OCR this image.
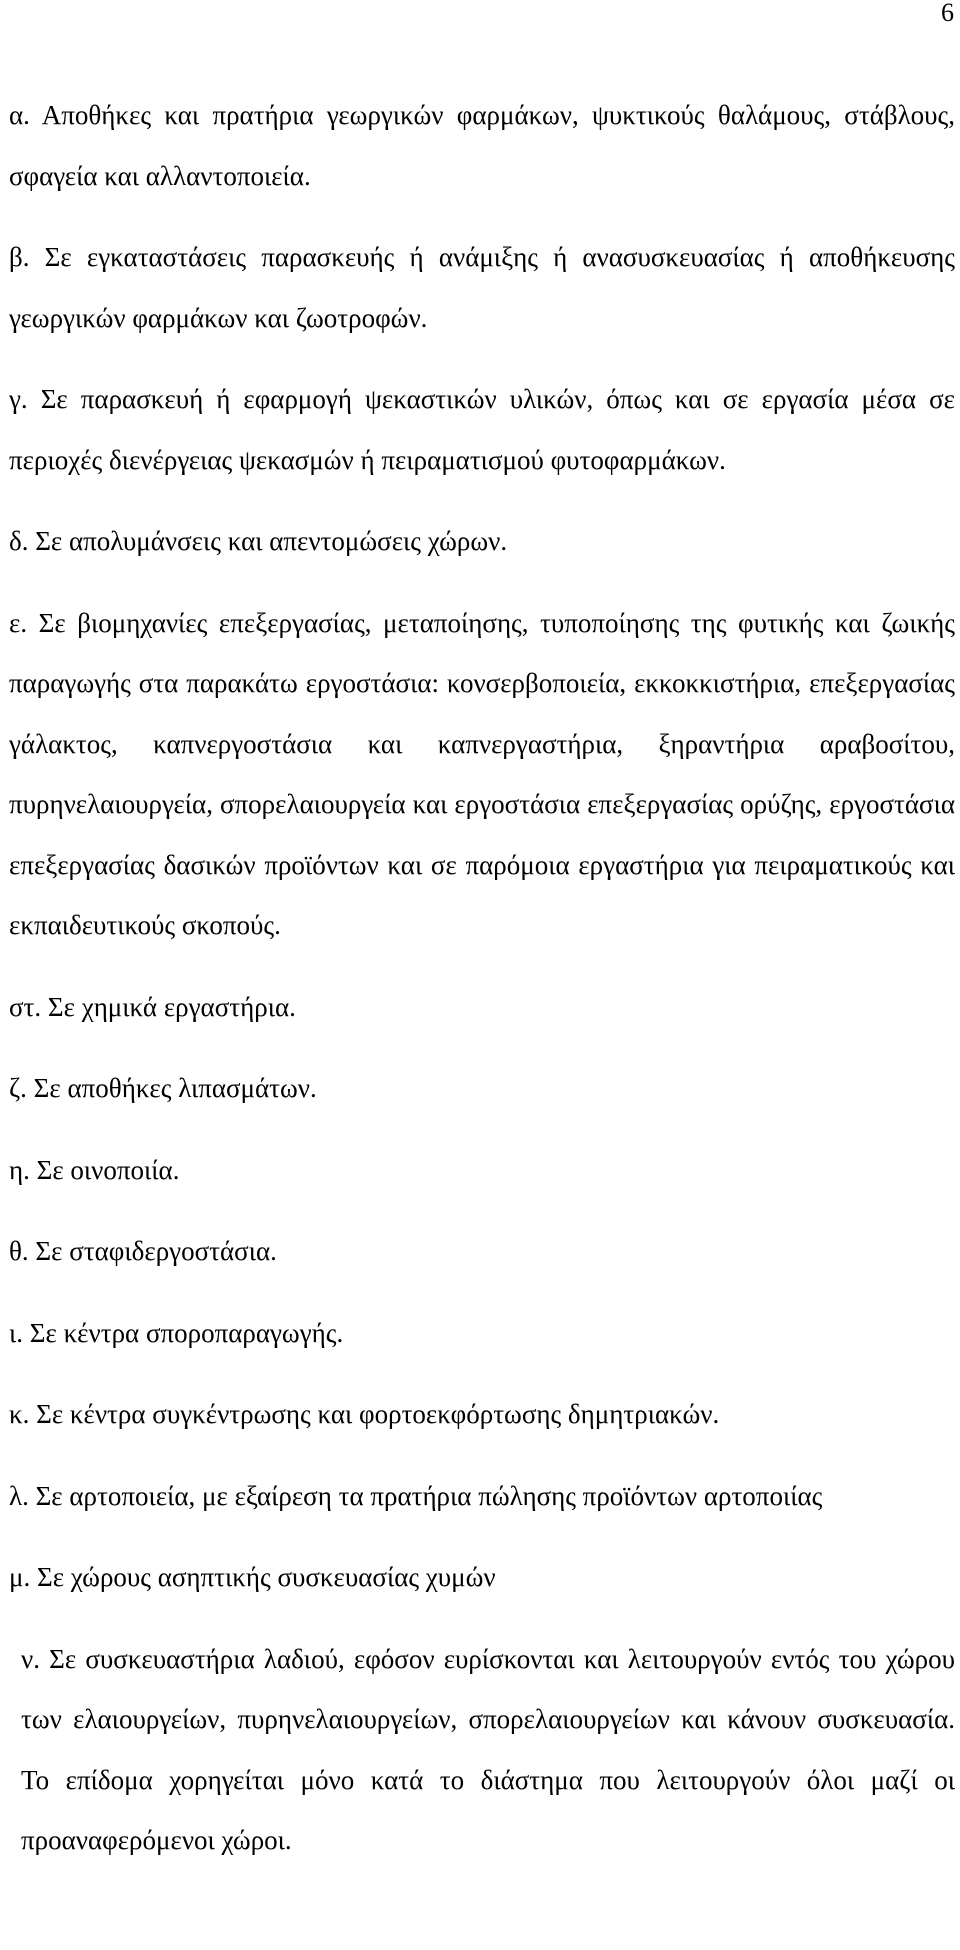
6

α. Αποθήκες και πρατήρια γεωργικών φαρμάκων, ψυκτικούς θαλάμους, στάβλους, σφαγεία και αλλαντοποιεία.

β. Σε εγκαταστάσεις παρασκευής ή ανάμιξης ή ανασυσκευασίας ή αποθήκευσης γεωργικών φαρμάκων και ζωοτροφών.

γ. Σε παρασκευή ή εφαρμογή ψεκαστικών υλικών, όπως και σε εργασία μέσα σε περιοχές διενέργειας ψεκασμών ή πειραματισμού φυτοφαρμάκων.

δ. Σε απολυμάνσεις και απεντομώσεις χώρων.

ε. Σε βιομηχανίες επεξεργασίας, μεταποίησης, τυποποίησης της φυτικής και ζωικής παραγωγής στα παρακάτω εργοστάσια: κονσερβοποιεία, εκκοκκιστήρια, επεξεργασίας γάλακτος, καπνεργοστάσια και καπνεργαστήρια, ξηραντήρια αραβοσίτου, πυρηνελαιουργεία, σπορελαιουργεία και εργοστάσια επεξεργασίας ορύζης, εργοστάσια επεξεργασίας δασικών προϊόντων και σε παρόμοια εργαστήρια για πειραματικούς και εκπαιδευτικούς σκοπούς.

στ. Σε χημικά εργαστήρια.

ζ. Σε αποθήκες λιπασμάτων.

η. Σε οινοποιία.

θ. Σε σταφιδεργοστάσια.

ι. Σε κέντρα σποροπαραγωγής.

κ. Σε κέντρα συγκέντρωσης και φορτοεκφόρτωσης δημητριακών.

λ. Σε αρτοποιεία, με εξαίρεση τα πρατήρια πώλησης προϊόντων αρτοποιίας

μ. Σε χώρους ασηπτικής συσκευασίας χυμών

ν. Σε συσκευαστήρια λαδιού, εφόσον ευρίσκονται και λειτουργούν εντός του χώρου των ελαιουργείων, πυρηνελαιουργείων, σπορελαιουργείων και κάνουν συσκευασία. Το επίδομα χορηγείται μόνο κατά το διάστημα που λειτουργούν όλοι μαζί οι προαναφερόμενοι χώροι.
